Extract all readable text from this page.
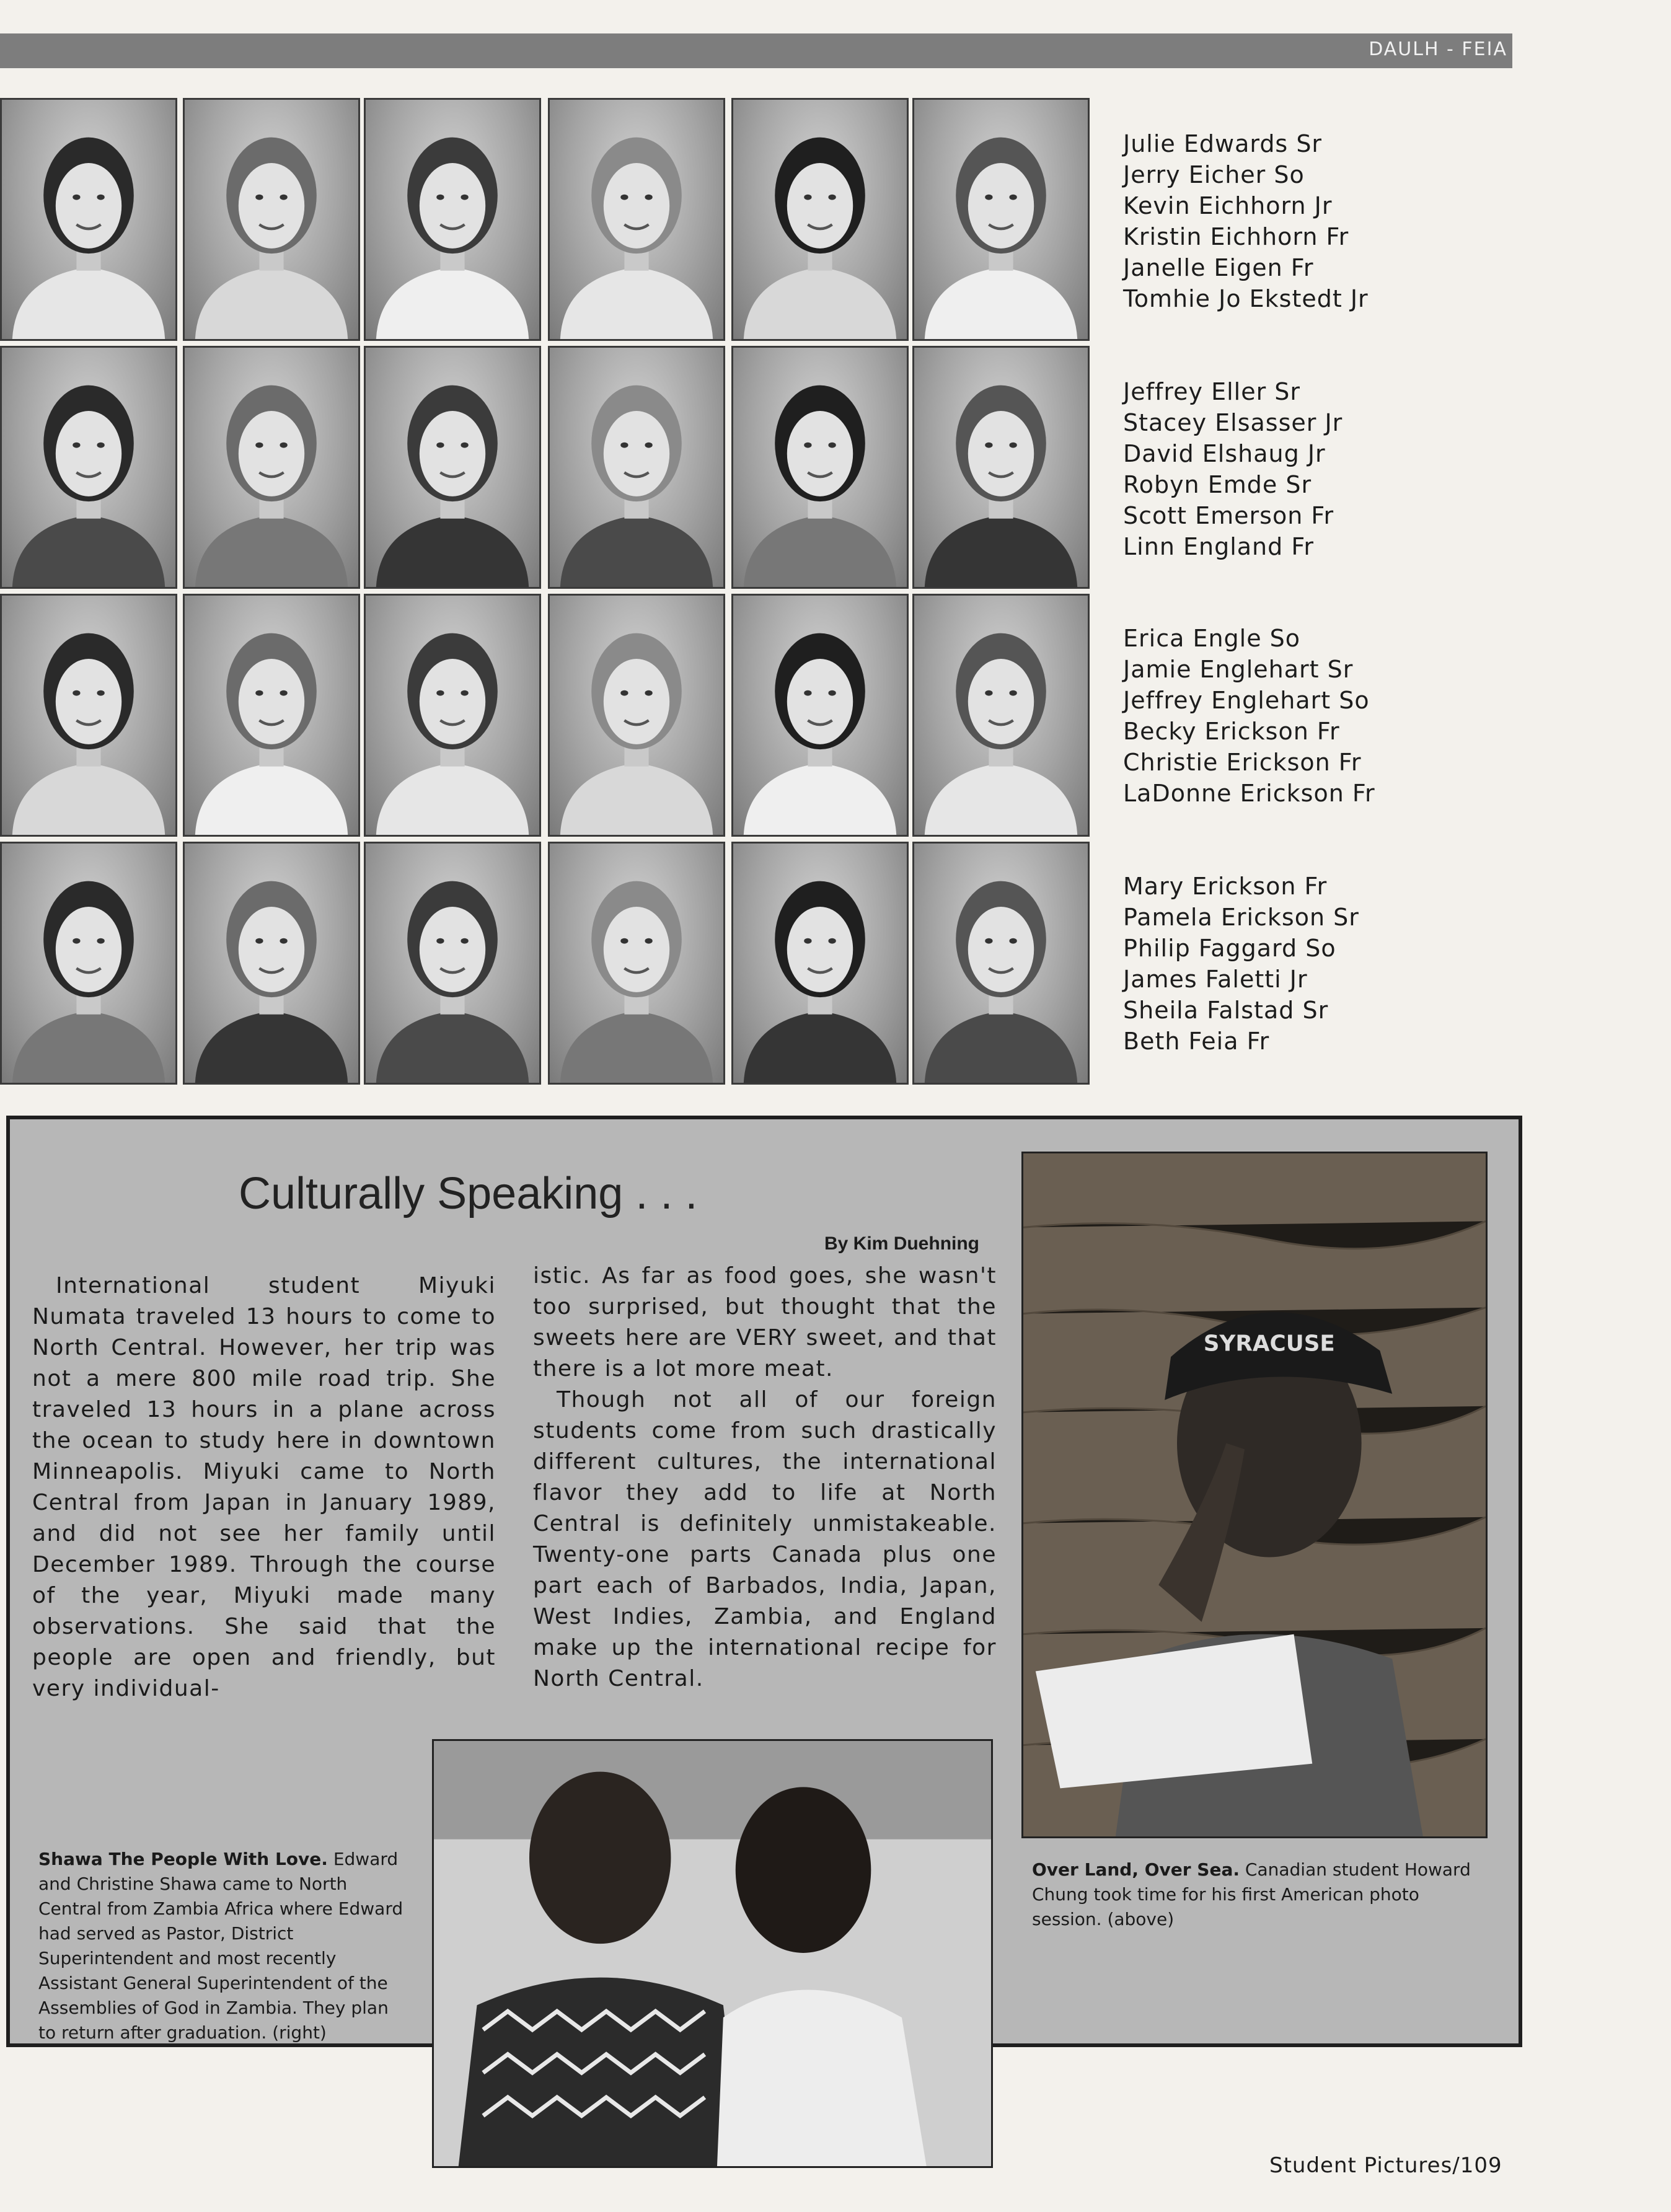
DAULH - FEIA
Julie Edwards Sr
Jerry Eicher So
Kevin Eichhorn Jr
Kristin Eichhorn Fr
Janelle Eigen Fr
Tomhie Jo Ekstedt Jr
Jeffrey Eller Sr
Stacey Elsasser Jr
David Elshaug Jr
Robyn Emde Sr
Scott Emerson Fr
Linn England Fr
Erica Engle So
Jamie Englehart Sr
Jeffrey Englehart So
Becky Erickson Fr
Christie Erickson Fr
LaDonne Erickson Fr
Mary Erickson Fr
Pamela Erickson Sr
Philip Faggard So
James Faletti Jr
Sheila Falstad Sr
Beth Feia Fr
Culturally Speaking . . .
By Kim Duehning

International student Miyuki Numata traveled 13 hours to come to North Central. However, her trip was not a mere 800 mile road trip. She traveled 13 hours in a plane across the ocean to study here in downtown Minneapolis. Miyuki came to North Central from Japan in January 1989, and did not see her family until December 1989. Through the course of the year, Miyuki made many observations. She said that the people are open and friendly, but very individual-

istic. As far as food goes, she wasn't too surprised, but thought that the sweets here are VERY sweet, and that there is a lot more meat.

Though not all of our foreign students come from such drastically different cultures, the international flavor they add to life at North Central is definitely unmistakeable. Twenty-one parts Canada plus one part each of Barbados, India, Japan, West Indies, Zambia, and England make up the international recipe for North Central.

SYRACUSE
Shawa The People With Love. Edward and Christine Shawa came to North Central from Zambia Africa where Edward had served as Pastor, District Superintendent and most recently Assistant General Superintendent of the Assemblies of God in Zambia. They plan to return after graduation. (right)
Over Land, Over Sea. Canadian student Howard Chung took time for his first American photo session. (above)
Student Pictures/109
